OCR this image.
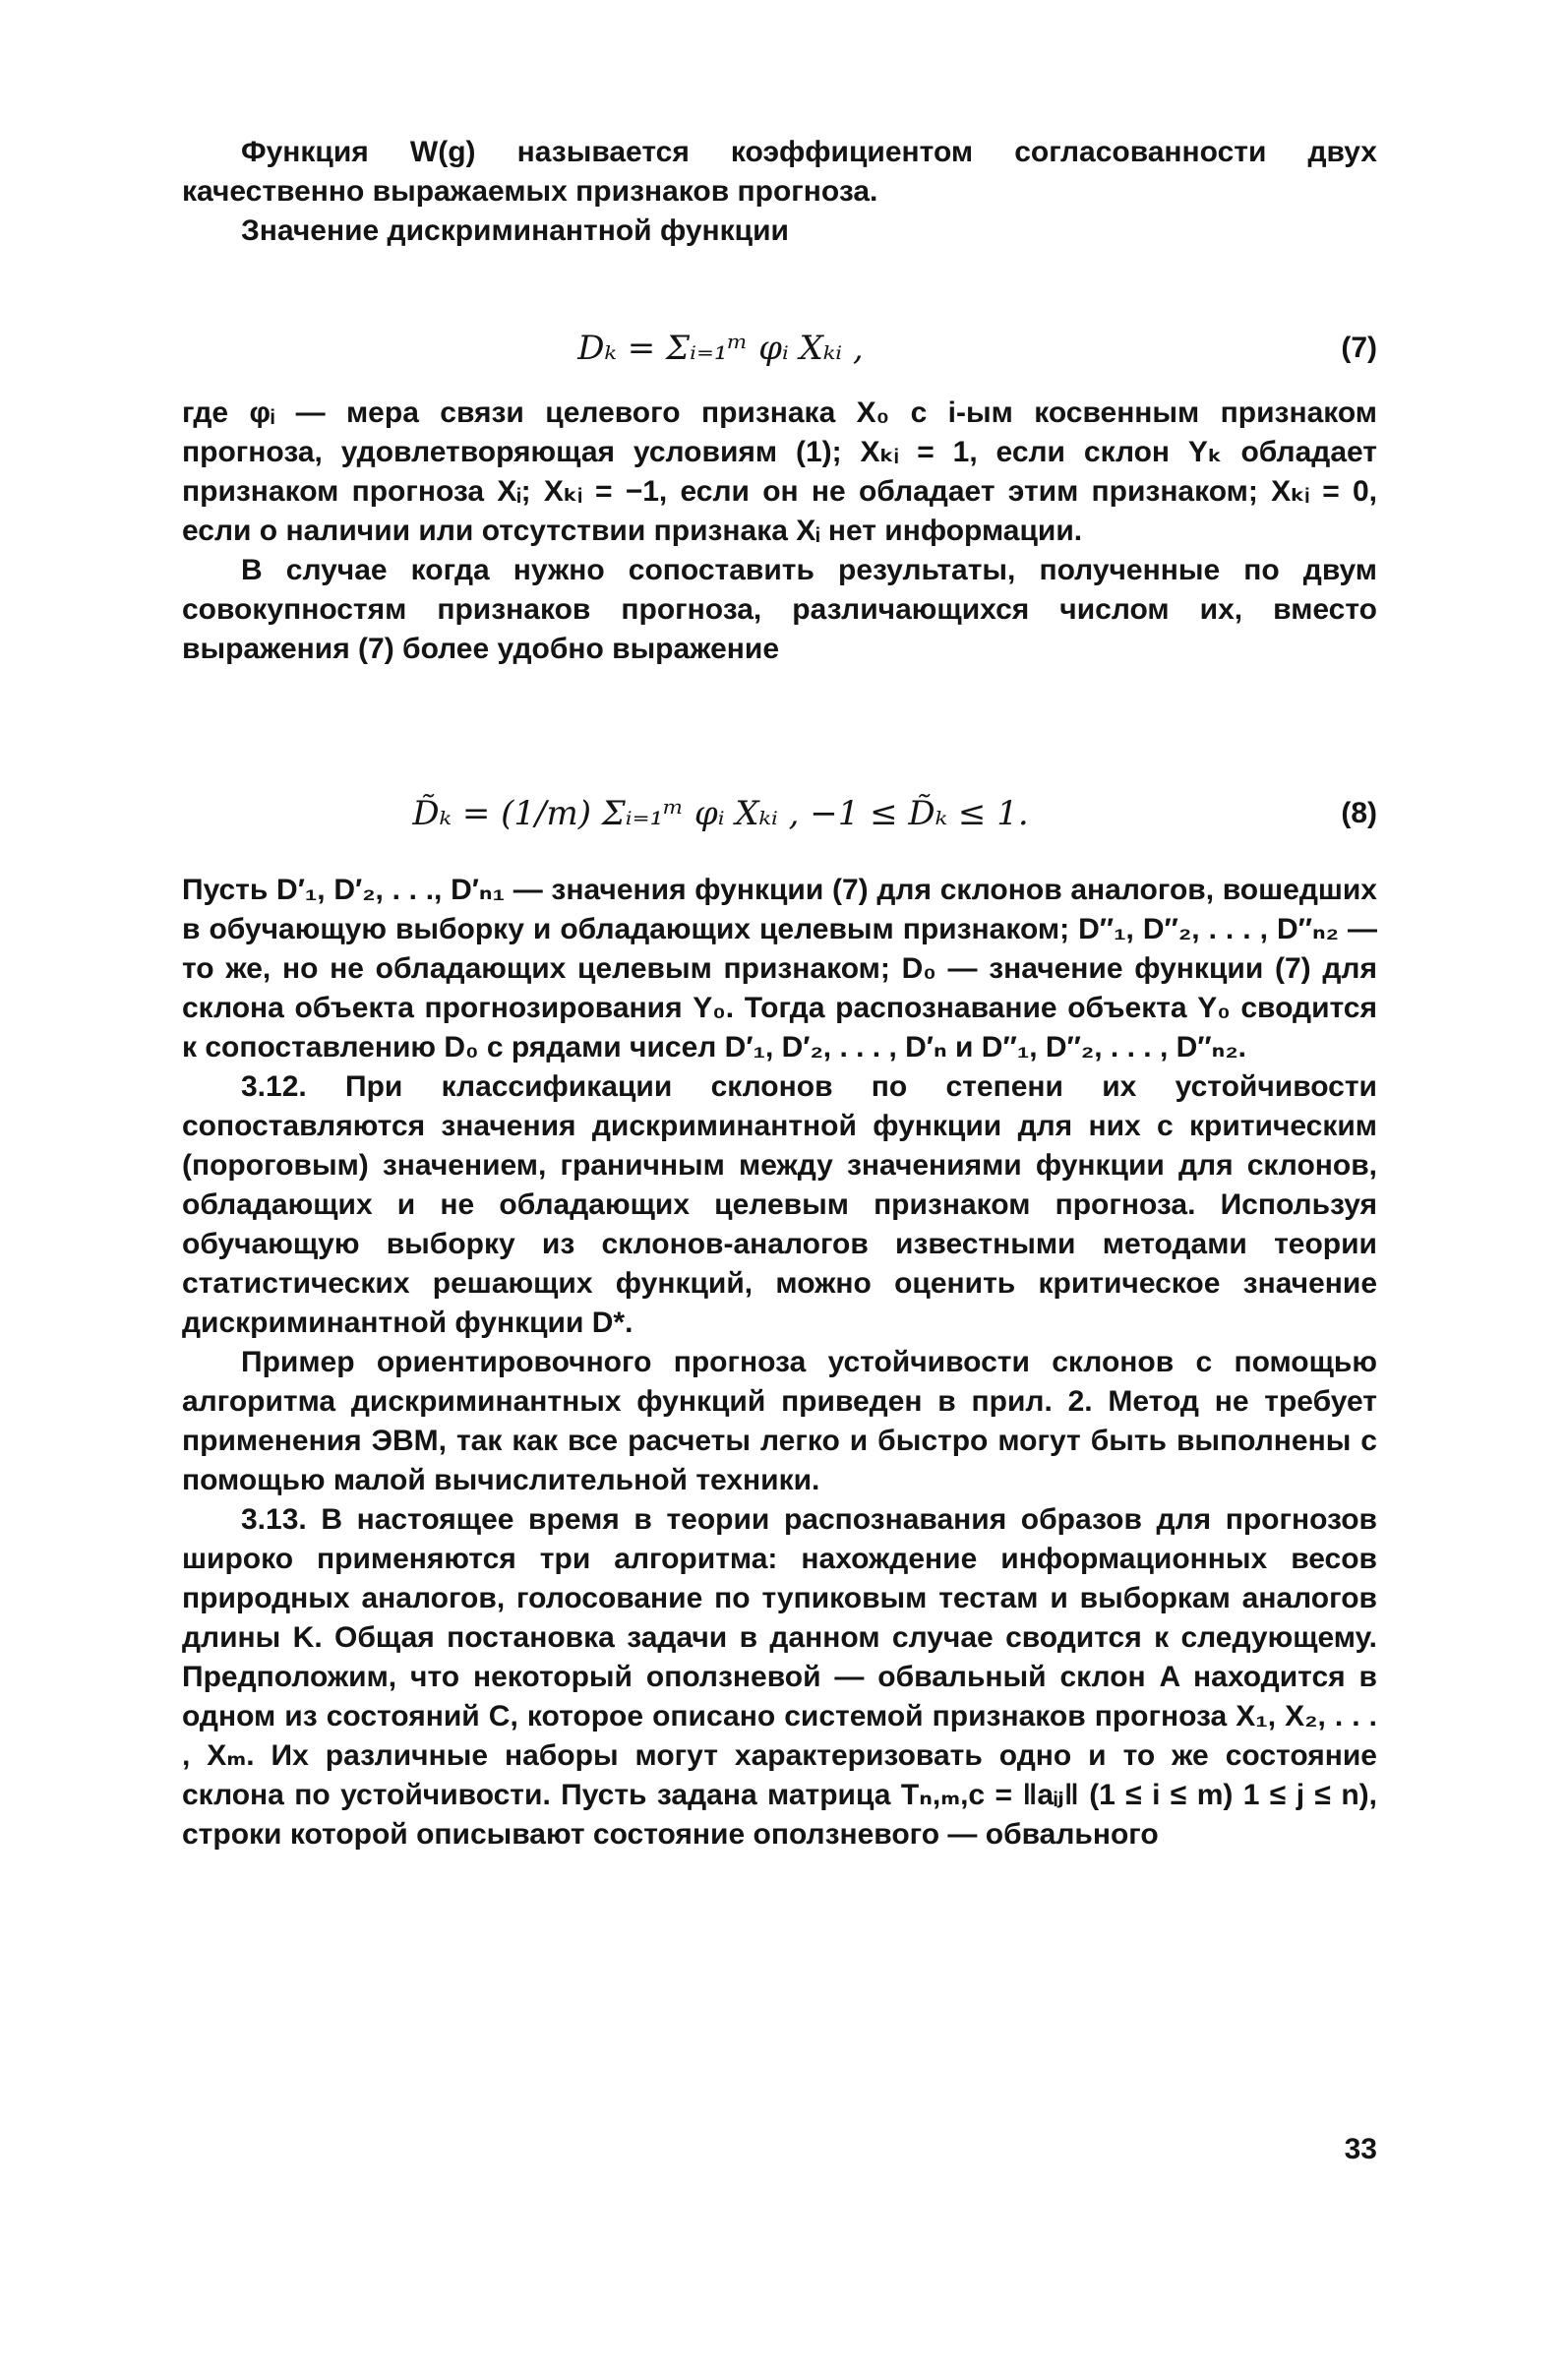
Функция W(g) называется коэффициентом согласованности двух качественно выражаемых признаков прогноза.

Значение дискриминантной функции

Dₖ = Σᵢ₌₁ᵐ φᵢ Xₖᵢ ,	(7)

где φᵢ — мера связи целевого признака X₀ с i-ым косвенным признаком прогноза, удовлетворяющая условиям (1); Xₖᵢ = 1, если склон Yₖ обладает признаком прогноза Xᵢ; Xₖᵢ = −1, если он не обладает этим признаком; Xₖᵢ = 0, если о наличии или отсутствии признака Xᵢ нет информации.

В случае когда нужно сопоставить результаты, полученные по двум совокупностям признаков прогноза, различающихся числом их, вместо выражения (7) более удобно выражение

D̃ₖ = (1/m) Σᵢ₌₁ᵐ φᵢ Xₖᵢ , −1 ≤ D̃ₖ ≤ 1.	(8)

Пусть D′₁, D′₂, . . ., D′ₙ₁ — значения функции (7) для склонов аналогов, вошедших в обучающую выборку и обладающих целевым признаком; D″₁, D″₂, . . . , D″ₙ₂ — то же, но не обладающих целевым признаком; D₀ — значение функции (7) для склона объекта прогнозирования Y₀. Тогда распознавание объекта Y₀ сводится к сопоставлению D₀ с рядами чисел D′₁, D′₂, . . . , D′ₙ и D″₁, D″₂, . . . , D″ₙ₂.

3.12. При классификации склонов по степени их устойчивости сопоставляются значения дискриминантной функции для них с критическим (пороговым) значением, граничным между значениями функции для склонов, обладающих и не обладающих целевым признаком прогноза. Используя обучающую выборку из склонов-аналогов известными методами теории статистических решающих функций, можно оценить критическое значение дискриминантной функции D*.

Пример ориентировочного прогноза устойчивости склонов с помощью алгоритма дискриминантных функций приведен в прил. 2. Метод не требует применения ЭВМ, так как все расчеты легко и быстро могут быть выполнены с помощью малой вычислительной техники.

3.13. В настоящее время в теории распознавания образов для прогнозов широко применяются три алгоритма: нахождение информационных весов природных аналогов, голосование по тупиковым тестам и выборкам аналогов длины K. Общая постановка задачи в данном случае сводится к следующему. Предположим, что некоторый оползневой — обвальный склон A находится в одном из состояний C, которое описано системой признаков прогноза X₁, X₂, . . . , Xₘ. Их различные наборы могут характеризовать одно и то же состояние склона по устойчивости. Пусть задана матрица Tₙ,ₘ,c = ‖aᵢⱼ‖ (1 ≤ i ≤ m) 1 ≤ j ≤ n), строки которой описывают состояние оползневого — обвального

33
